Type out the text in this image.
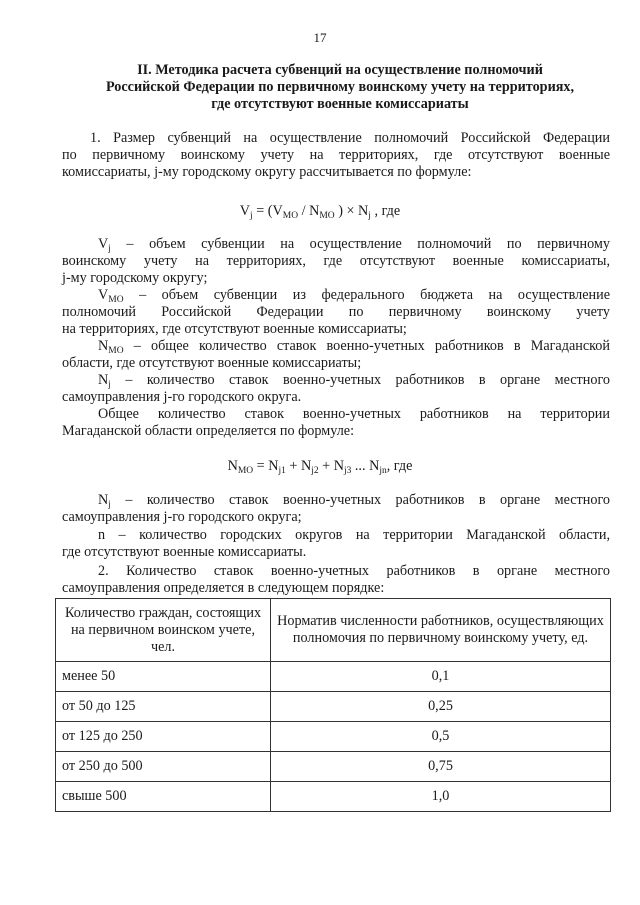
17
II. Методика расчета субвенций на осуществление полномочий
Российской Федерации по первичному воинскому учету на территориях,
где отсутствуют военные комиссариаты
1. Размер субвенций на осуществление полномочий Российской Федерации
по первичному воинскому учету на территориях, где отсутствуют военные
комиссариаты, j-му городскому округу рассчитывается по формуле:
$V_j = (V_{МО} / N_{МО}$ ) × $N_j$ , где
$V_j$ – объем субвенции на осуществление полномочий по первичному
воинскому учету на территориях, где отсутствуют военные комиссариаты,
j-му городскому округу;
$V_{МО}$ – объем субвенции из федерального бюджета на осуществление
полномочий Российской Федерации по первичному воинскому учету
на территориях, где отсутствуют военные комиссариаты;
$N_{МО}$ – общее количество ставок военно-учетных работников в Магаданской
области, где отсутствуют военные комиссариаты;
$N_j$ – количество ставок военно-учетных работников в органе местного
самоуправления j-го городского округа.
Общее количество ставок военно-учетных работников на территории
Магаданской области определяется по формуле:
$N_{МО} = N_{j1} + N_{j2} + N_{j3}$ ... $N_{jn}$, где
$N_j$ – количество ставок военно-учетных работников в органе местного
самоуправления j-го городского округа;
n – количество городских округов на территории Магаданской области,
где отсутствуют военные комиссариаты.
2. Количество ставок военно-учетных работников в органе местного
самоуправления определяется в следующем порядке:
Количество граждан, состоящих на первичном воинском учете, чел.	Норматив численности работников, осуществляющих полномочия по первичному воинскому учету, ед.
менее 50	0,1
от 50 до 125	0,25
от 125 до 250	0,5
от 250 до 500	0,75
свыше 500	1,0
